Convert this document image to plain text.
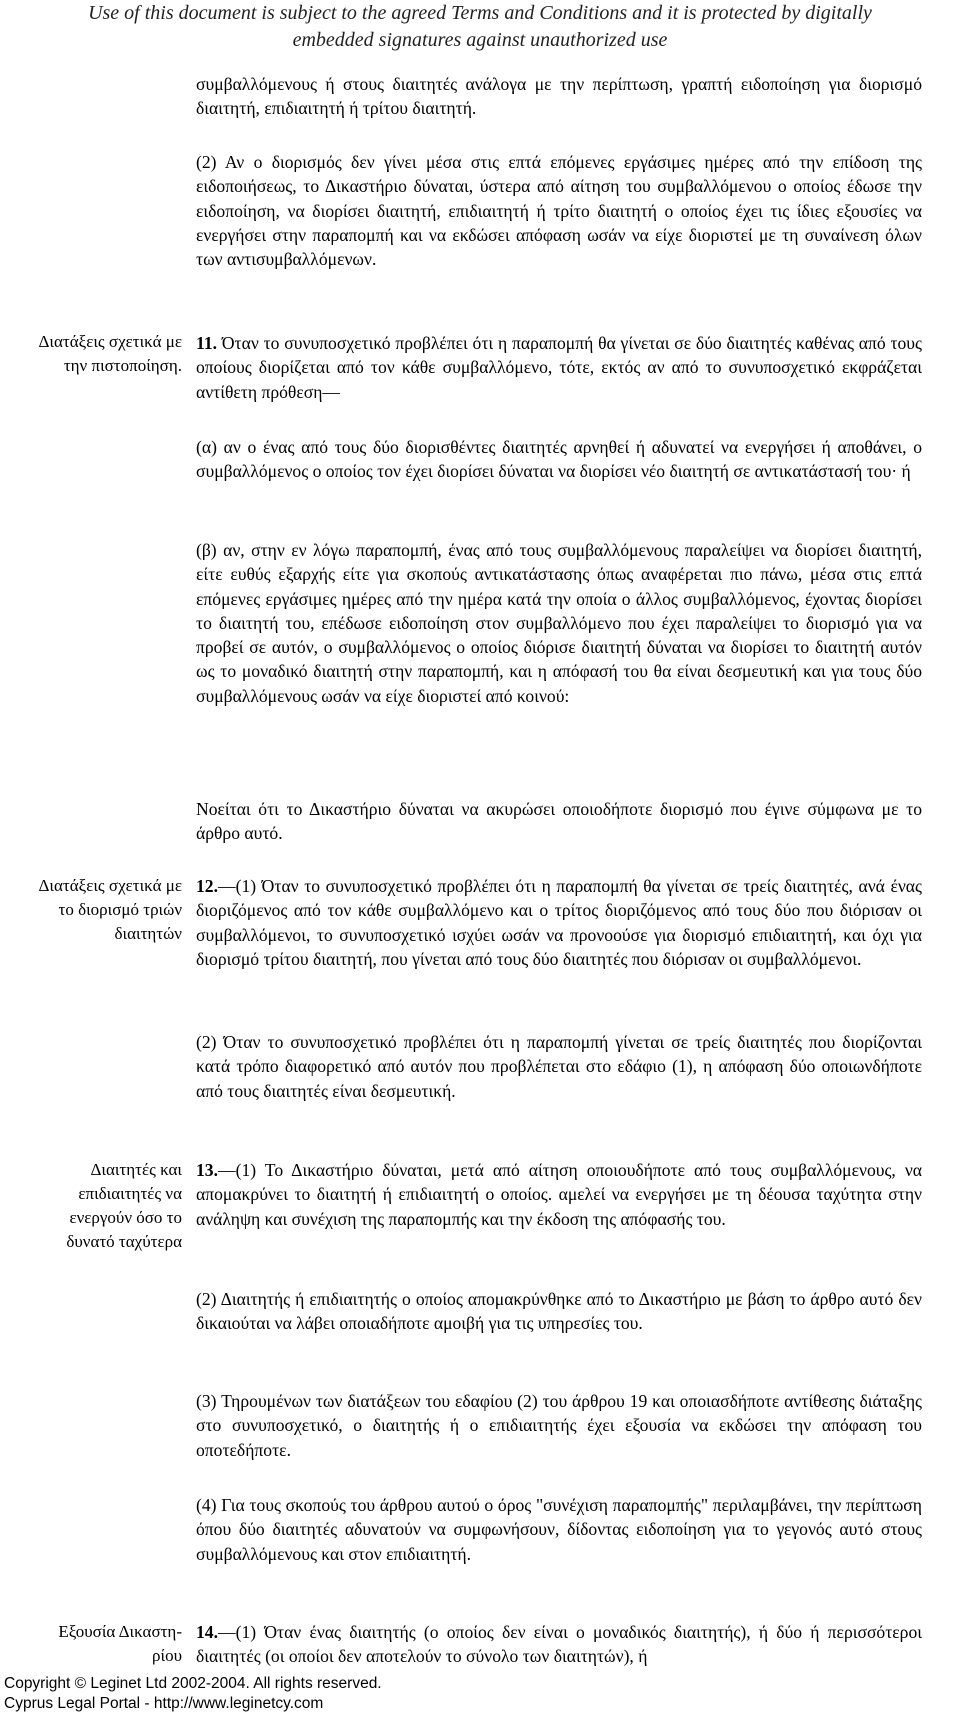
Use of this document is subject to the agreed Terms and Conditions and it is protected by digitally
embedded signatures against unauthorized use
συμβαλλόμενους ή στους διαιτητές ανάλογα με την περίπτωση, γραπτή ειδοποίηση για διορισμό διαιτητή, επιδιαιτητή ή τρίτου διαιτητή.
(2) Αν ο διορισμός δεν γίνει μέσα στις επτά επόμενες εργάσιμες ημέρες από την επίδοση της ειδοποιήσεως, το Δικαστήριο δύναται, ύστερα από αίτηση του συμβαλλόμενου ο οποίος έδωσε την ειδοποίηση, να διορίσει διαιτητή, επιδιαιτητή ή τρίτο διαιτητή ο οποίος έχει τις ίδιες εξουσίες να ενεργήσει στην παραπομπή και να εκδώσει απόφαση ωσάν να είχε διοριστεί με τη συναίνεση όλων των αντισυμβαλλόμενων.
Διατάξεις σχετικά με την πιστοποίηση.
11. Όταν το συνυποσχετικό προβλέπει ότι η παραπομπή θα γίνεται σε δύο διαιτητές καθένας από τους οποίους διορίζεται από τον κάθε συμβαλλόμενο, τότε, εκτός αν από το συνυποσχετικό εκφράζεται αντίθετη πρόθεση—
(α) αν ο ένας από τους δύο διορισθέντες διαιτητές αρνηθεί ή αδυνατεί να ενεργήσει ή αποθάνει, ο συμβαλλόμενος ο οποίος τον έχει διορίσει δύναται να διορίσει νέο διαιτητή σε αντικατάστασή του· ή
(β) αν, στην εν λόγω παραπομπή, ένας από τους συμβαλλόμενους παραλείψει να διορίσει διαιτητή, είτε ευθύς εξαρχής είτε για σκοπούς αντικατάστασης όπως αναφέρεται πιο πάνω, μέσα στις επτά επόμενες εργάσιμες ημέρες από την ημέρα κατά την οποία ο άλλος συμβαλλόμενος, έχοντας διορίσει το διαιτητή του, επέδωσε ειδοποίηση στον συμβαλλόμενο που έχει παραλείψει το διορισμό για να προβεί σε αυτόν, ο συμβαλλόμενος ο οποίος διόρισε διαιτητή δύναται να διορίσει το διαιτητή αυτόν ως το μοναδικό διαιτητή στην παραπομπή, και η απόφασή του θα είναι δεσμευτική και για τους δύο συμβαλλόμενους ωσάν να είχε διοριστεί από κοινού:
Νοείται ότι το Δικαστήριο δύναται να ακυρώσει οποιοδήποτε διορισμό που έγινε σύμφωνα με το άρθρο αυτό.
Διατάξεις σχετικά με το διορισμό τριών διαιτητών
12.—(1) Όταν το συνυποσχετικό προβλέπει ότι η παραπομπή θα γίνεται σε τρείς διαιτητές, ανά ένας διοριζόμενος από τον κάθε συμβαλλόμενο και ο τρίτος διοριζόμενος από τους δύο που διόρισαν οι συμβαλλόμενοι, το συνυποσχετικό ισχύει ωσάν να προνοούσε για διορισμό επιδιαιτητή, και όχι για διορισμό τρίτου διαιτητή, που γίνεται από τους δύο διαιτητές που διόρισαν οι συμβαλλόμενοι.
(2) Όταν το συνυποσχετικό προβλέπει ότι η παραπομπή γίνεται σε τρείς διαιτητές που διορίζονται κατά τρόπο διαφορετικό από αυτόν που προβλέπεται στο εδάφιο (1), η απόφαση δύο οποιωνδήποτε από τους διαιτητές είναι δεσμευτική.
Διαιτητές και επιδιαιτητές να ενεργούν όσο το δυνατό ταχύτερα
13.—(1) Το Δικαστήριο δύναται, μετά από αίτηση οποιουδήποτε από τους συμβαλλόμενους, να απομακρύνει το διαιτητή ή επιδιαιτητή ο οποίος. αμελεί να ενεργήσει με τη δέουσα ταχύτητα στην ανάληψη και συνέχιση της παραπομπής και την έκδοση της απόφασής του.
(2) Διαιτητής ή επιδιαιτητής ο οποίος απομακρύνθηκε από το Δικαστήριο με βάση το άρθρο αυτό δεν δικαιούται να λάβει οποιαδήποτε αμοιβή για τις υπηρεσίες του.
(3) Τηρουμένων των διατάξεων του εδαφίου (2) του άρθρου 19 και οποιασδήποτε αντίθεσης διάταξης στο συνυποσχετικό, ο διαιτητής ή ο επιδιαιτητής έχει εξουσία να εκδώσει την απόφαση του οποτεδήποτε.
(4) Για τους σκοπούς του άρθρου αυτού ο όρος "συνέχιση παραπομπής" περιλαμβάνει, την περίπτωση όπου δύο διαιτητές αδυνατούν να συμφωνήσουν, δίδοντας ειδοποίηση για το γεγονός αυτό στους συμβαλλόμενους και στον επιδιαιτητή.
Εξουσία Δικαστη-ρίου
14.—(1) Όταν ένας διαιτητής (ο οποίος δεν είναι ο μοναδικός διαιτητής), ή δύο ή περισσότεροι διαιτητές (οι οποίοι δεν αποτελούν το σύνολο των διαιτητών), ή
Copyright © Leginet Ltd 2002-2004. All rights reserved.
Cyprus Legal Portal - http://www.leginetcy.com
